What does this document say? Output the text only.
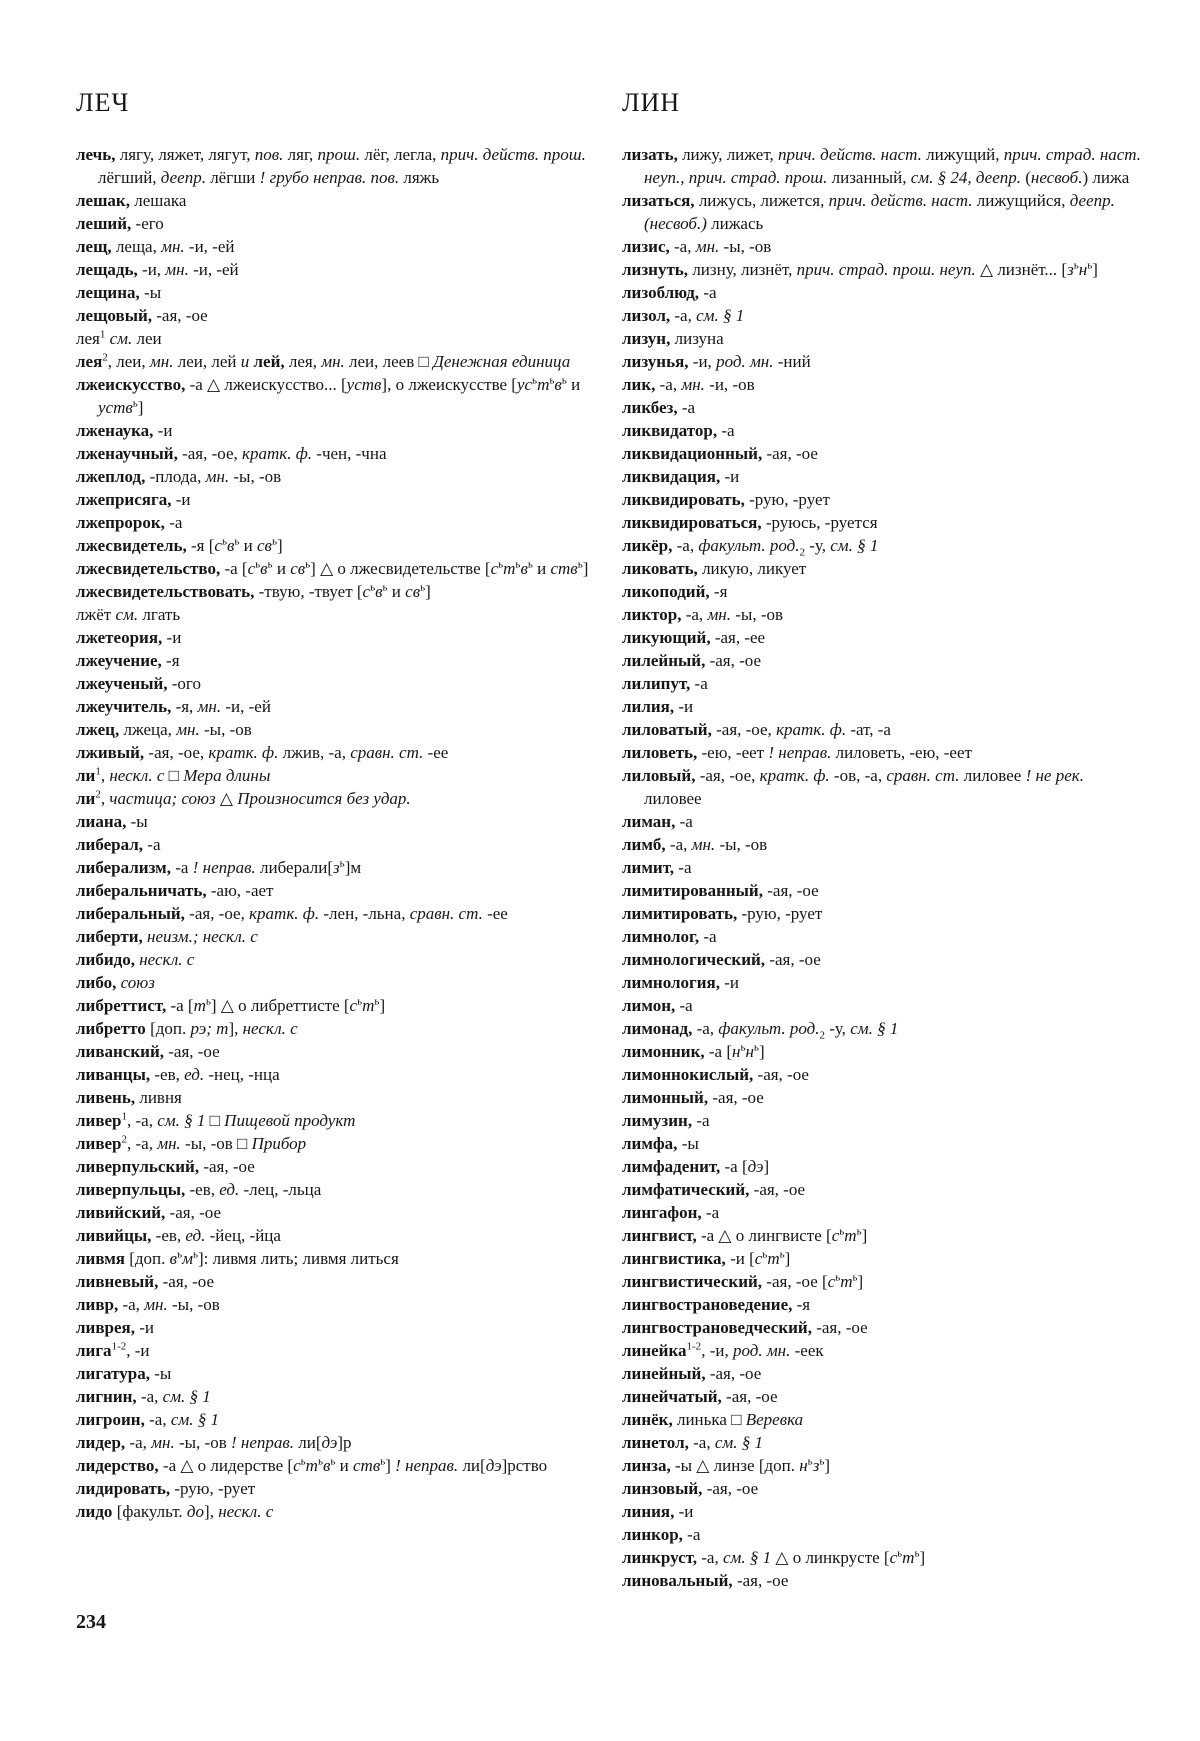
ЛЕЧ	ЛИН

лечь, лягу, ляжет, лягут, пов. ляг, прош. лёг, легла, прич. действ. прош. лёгший, деепр. лёгши ! грубо неправ. пов. ляжь

лешак, лешака

леший, -его

лещ, леща, мн. -и, -ей

лещадь, -и, мн. -и, -ей

лещина, -ы

лещовый, -ая, -ое

лея$^1$ см. леи

лея$^2$, леи, мн. леи, лей и лей, лея, мн. леи, леев □ Денежная единица

лжеискусство, -а △ лжеискусство... [уств], о лжеискусстве [$ус^ьт^ьв^ь$ и уств$^ь$]

лженаука, -и

лженаучный, -ая, -ое, кратк. ф. -чен, -чна

лжеплод, -плода, мн. -ы, -ов

лжеприсяга, -и

лжепророк, -а

лжесвидетель, -я [$с^ьв^ь$ и $св^ь$]

лжесвидетельство, -а [$с^ьв^ь$ и $св^ь$] △ о лжесвидетельстве [$с^ьт^ьв^ь$ и ств$^ь$]

лжесвидетельствовать, -твую, -твует [$с^ьв^ь$ и $св^ь$]

лжёт см. лгать

лжетеория, -и

лжеучение, -я

лжеученый, -ого

лжеучитель, -я, мн. -и, -ей

лжец, лжеца, мн. -ы, -ов

лживый, -ая, -ое, кратк. ф. лжив, -а, сравн. ст. -ее

$ли^1$, нескл. с □ Мера длины

$ли^2$, частица; союз △ Произносится без удар.

лиана, -ы

либерал, -а

либерализм, -а ! неправ. $либерали[з^ь]м$

либеральничать, -аю, -ает

либеральный, -ая, -ое, кратк. ф. -лен, -льна, сравн. ст. -ее

либерти, неизм.; нескл. с

либидо, нескл. с

либо, союз

либреттист, -а $[т^ь]$ △ о либреттисте $[с^ьт^ь]$

либретто [доп. рэ; т], нескл. с

ливанский, -ая, -ое

ливанцы, -ев, ед. -нец, -нца

ливень, ливня

ливер$^1$, -а, см. § 1 □ Пищевой продукт

ливер$^2$, -а, мн. -ы, -ов □ Прибор

ливерпульский, -ая, -ое

ливерпульцы, -ев, ед. -лец, -льца

ливийский, -ая, -ое

ливийцы, -ев, ед. -йец, -йца

ливмя [доп. $в^ьм^ь$]: ливмя лить; ливмя литься

ливневый, -ая, -ое

ливр, -а, мн. -ы, -ов

ливрея, -и

лига$^{1-2}$, -и

лигатура, -ы

лигнин, -а, см. § 1

лигроин, -а, см. § 1

лидер, -а, мн. -ы, -ов ! неправ. ли[дэ]р

лидерство, -а △ о лидерстве [$с^ьт^ьв^ь$ и ств$^ь$] ! неправ. ли[дэ]рство

лидировать, -рую, -рует

лидо [факульт. до], нескл. с

лизать, лижу, лижет, прич. действ. наст. лижущий, прич. страд. наст. неуп., прич. страд. прош. лизанный, см. § 24, деепр. (несвоб.) лижа

лизаться, лижусь, лижется, прич. действ. наст. лижущийся, деепр. (несвоб.) лижась

лизис, -а, мн. -ы, -ов

лизнуть, лизну, лизнёт, прич. страд. прош. неуп. △ лизнёт... $[з^ьн^ь]$

лизоблюд, -а

лизол, -а, см. § 1

лизун, лизуна

лизунья, -и, род. мн. -ний

лик, -а, мн. -и, -ов

ликбез, -а

ликвидатор, -а

ликвидационный, -ая, -ое

ликвидация, -и

ликвидировать, -рую, -рует

ликвидироваться, -руюсь, -руется

ликёр, -а, факульт. $род._2$ -у, см. § 1

ликовать, ликую, ликует

ликоподий, -я

ликтор, -а, мн. -ы, -ов

ликующий, -ая, -ее

лилейный, -ая, -ое

лилипут, -а

лилия, -и

лиловатый, -ая, -ое, кратк. ф. -ат, -а

лиловеть, -ею, -еет ! неправ. лиловеть, -ею, -еет

лиловый, -ая, -ое, кратк. ф. -ов, -а, сравн. ст. лиловее ! не рек. лиловее

лиман, -а

лимб, -а, мн. -ы, -ов

лимит, -а

лимитированный, -ая, -ое

лимитировать, -рую, -рует

лимнолог, -а

лимнологический, -ая, -ое

лимнология, -и

лимон, -а

лимонад, -а, факульт. $род._2$ -у, см. § 1

лимонник, -а $[н^ьн^ь]$

лимоннокислый, -ая, -ое

лимонный, -ая, -ое

лимузин, -а

лимфа, -ы

лимфаденит, -а [дэ]

лимфатический, -ая, -ое

лингафон, -а

лингвист, -а △ о лингвисте $[с^ьт^ь]$

лингвистика, -и $[с^ьт^ь]$

лингвистический, -ая, -ое $[с^ьт^ь]$

лингвострановедение, -я

лингвострановедческий, -ая, -ое

линейка$^{1-2}$, -и, род. мн. -еек

линейный, -ая, -ое

линейчатый, -ая, -ое

линёк, линька □ Веревка

линетол, -а, см. § 1

линза, -ы △ линзе [доп. $н^ьз^ь$]

линзовый, -ая, -ое

линия, -и

линкор, -а

линкруст, -а, см. § 1 △ о линкрусте $[с^ьт^ь]$

линовальный, -ая, -ое

234
